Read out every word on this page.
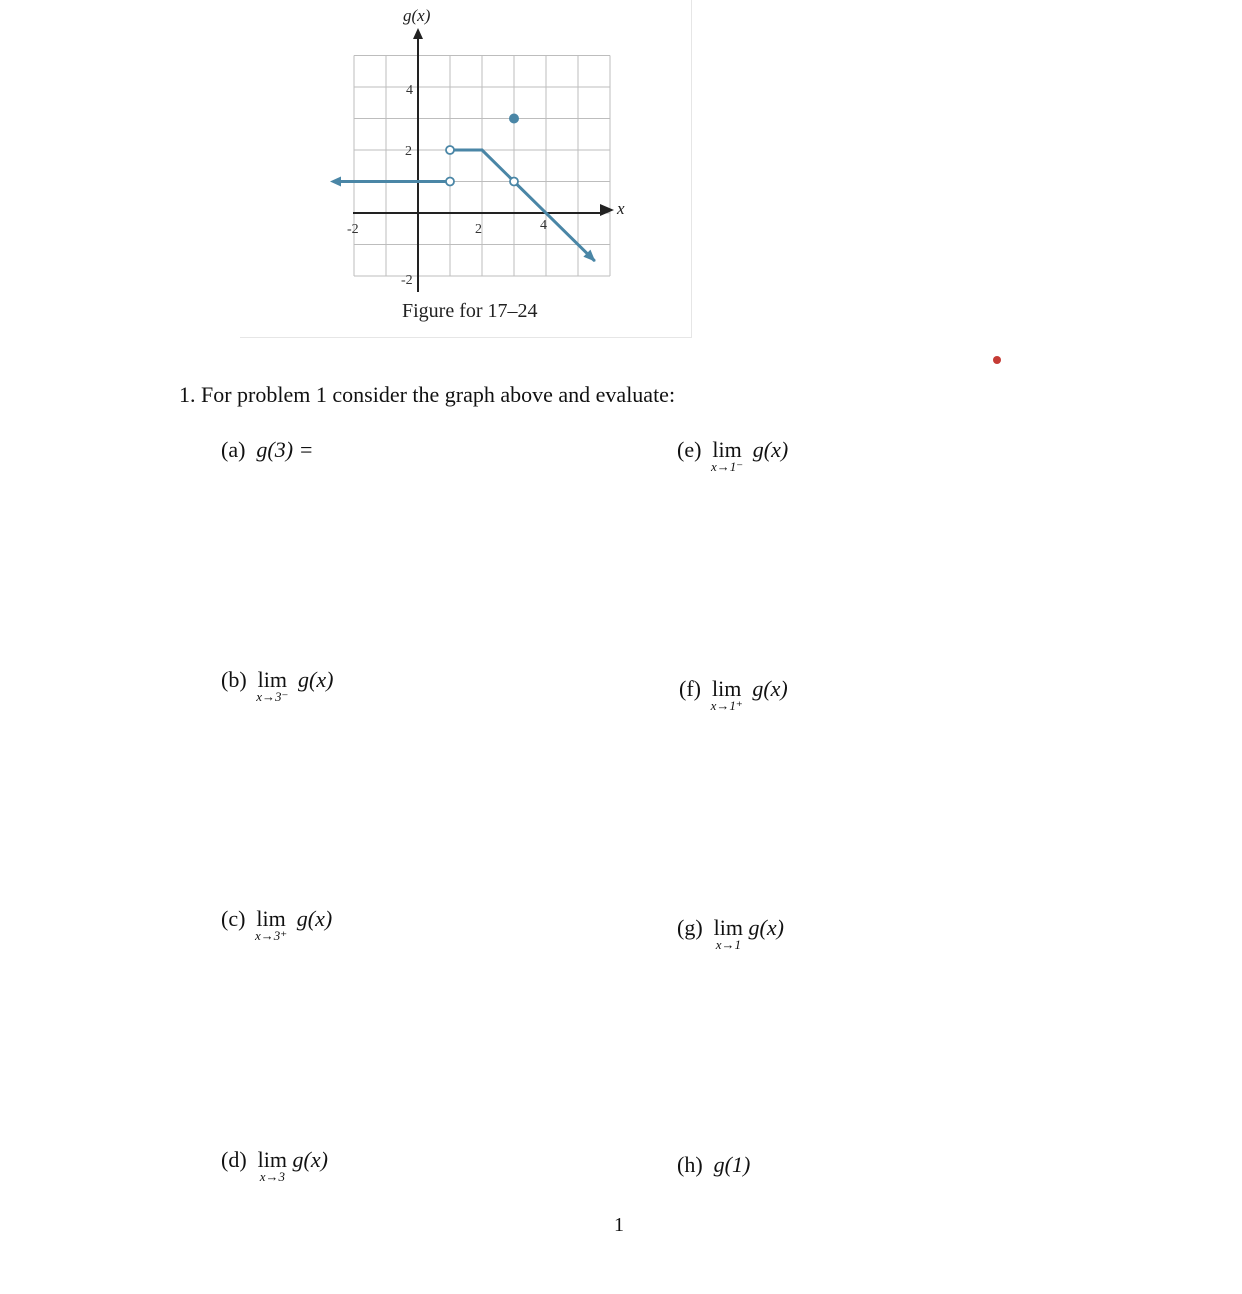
g(x)
x
4
2
-2
-2	2	4
Figure for 17–24
1. For problem 1 consider the graph above and evaluate:
(a) g(3) =
(b) lim
x→3⁻
g(x)
(c) lim
x→3⁺
g(x)
(d) lim
x→3
g(x)
(e) lim
x→1⁻
g(x)
(f) lim
x→1⁺
g(x)
(g) lim
x→1
g(x)
(h) g(1)
1
